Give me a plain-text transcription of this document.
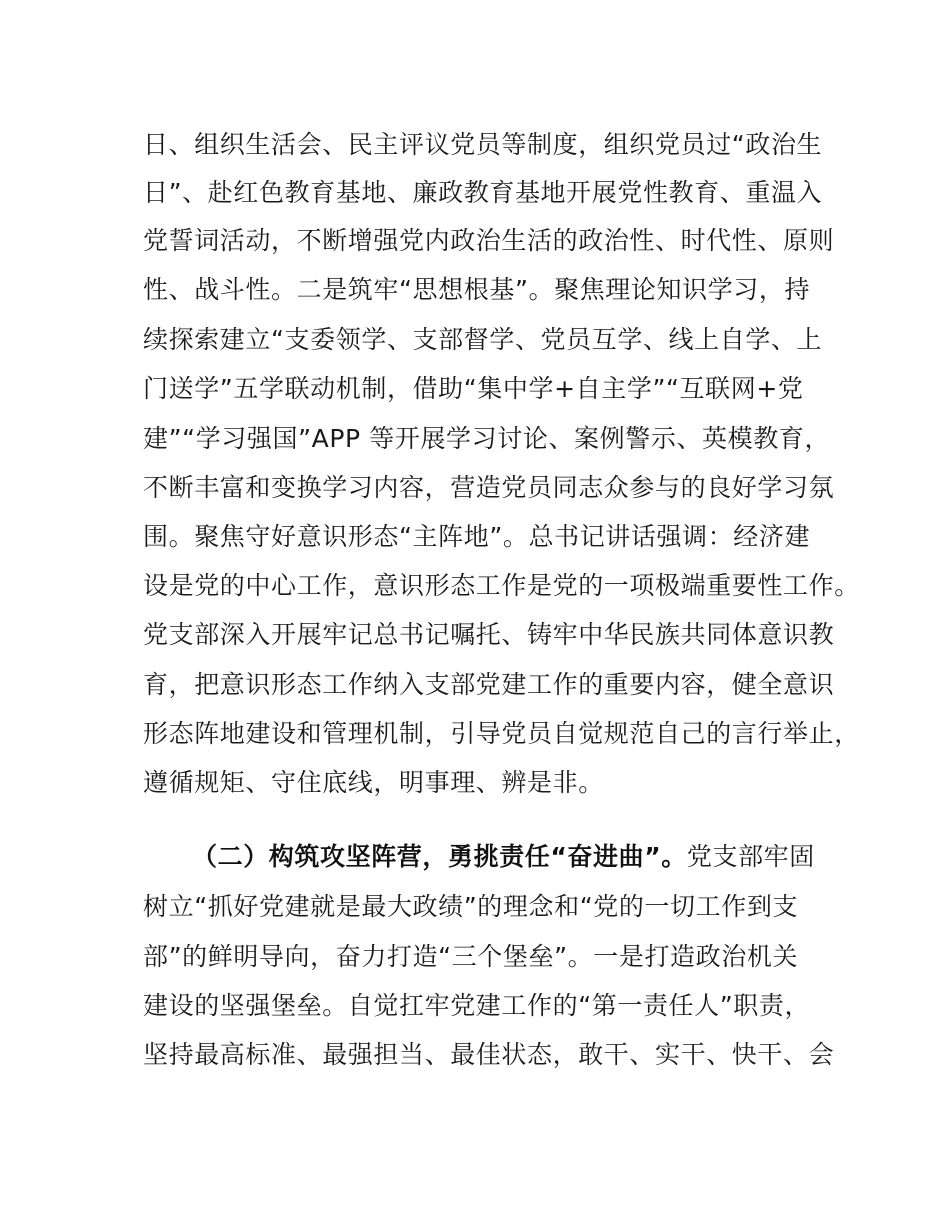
日、组织生活会、民主评议党员等制度，组织党员过“政治生
日”、赴红色教育基地、廉政教育基地开展党性教育、重温入
党誓词活动，不断增强党内政治生活的政治性、时代性、原则
性、战斗性。二是筑牢“思想根基”。聚焦理论知识学习，持
续探索建立“支委领学、支部督学、党员互学、线上自学、上
门送学”五学联动机制，借助“集中学+自主学”“互联网+党
建”“学习强国”APP 等开展学习讨论、案例警示、英模教育，
不断丰富和变换学习内容，营造党员同志众参与的良好学习氛
围。聚焦守好意识形态“主阵地”。总书记讲话强调：经济建
设是党的中心工作，意识形态工作是党的一项极端重要性工作。
党支部深入开展牢记总书记嘱托、铸牢中华民族共同体意识教
育，把意识形态工作纳入支部党建工作的重要内容，健全意识
形态阵地建设和管理机制，引导党员自觉规范自己的言行举止，
遵循规矩、守住底线，明事理、辨是非。
（二）构筑攻坚阵营，勇挑责任“奋进曲”。党支部牢固
树立“抓好党建就是最大政绩”的理念和“党的一切工作到支
部”的鲜明导向，奋力打造“三个堡垒”。一是打造政治机关
建设的坚强堡垒。自觉扛牢党建工作的“第一责任人”职责，
坚持最高标准、最强担当、最佳状态，敢干、实干、快干、会
